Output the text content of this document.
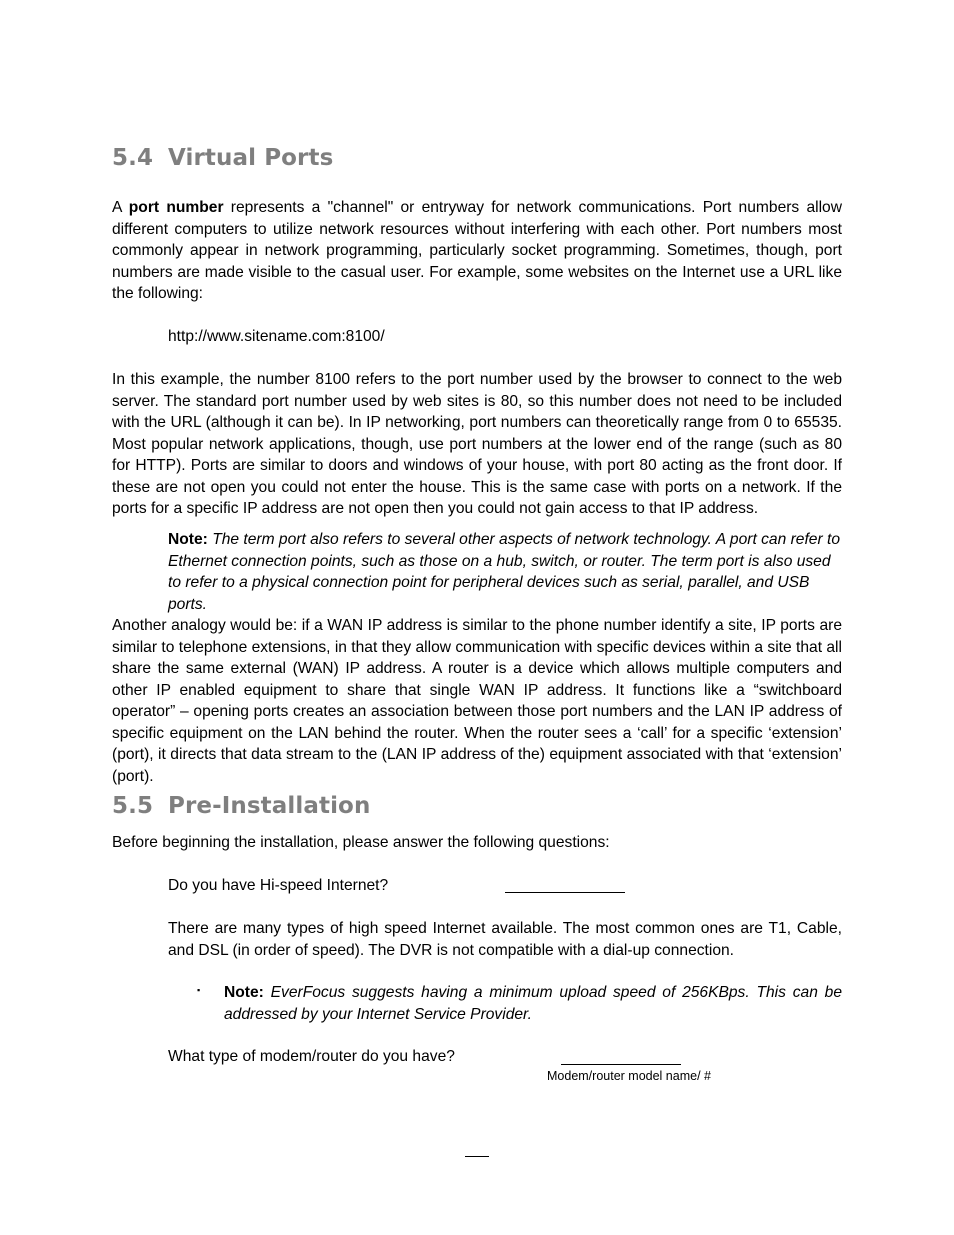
5.4 Virtual Ports

A port number represents a "channel" or entryway for network communications. Port numbers allow different computers to utilize network resources without interfering with each other. Port numbers most commonly appear in network programming, particularly socket programming. Sometimes, though, port numbers are made visible to the casual user. For example, some websites on the Internet use a URL like the following:

http://www.sitename.com:8100/

In this example, the number 8100 refers to the port number used by the browser to connect to the web server. The standard port number used by web sites is 80, so this number does not need to be included with the URL (although it can be). In IP networking, port numbers can theoretically range from 0 to 65535. Most popular network applications, though, use port numbers at the lower end of the range (such as 80 for HTTP). Ports are similar to doors and windows of your house, with port 80 acting as the front door. If these are not open you could not enter the house. This is the same case with ports on a network. If the ports for a specific IP address are not open then you could not gain access to that IP address.

Note: The term port also refers to several other aspects of network technology. A port can refer to Ethernet connection points, such as those on a hub, switch, or router. The term port is also used to refer to a physical connection point for peripheral devices such as serial, parallel, and USB ports.

Another analogy would be: if a WAN IP address is similar to the phone number identify a site, IP ports are similar to telephone extensions, in that they allow communication with specific devices within a site that all share the same external (WAN) IP address. A router is a device which allows multiple computers and other IP enabled equipment to share that single WAN IP address. It functions like a “switchboard operator” – opening ports creates an association between those port numbers and the LAN IP address of specific equipment on the LAN behind the router. When the router sees a ‘call’ for a specific ‘extension’ (port), it directs that data stream to the (LAN IP address of the) equipment associated with that ‘extension’ (port).

5.5 Pre-Installation

Before beginning the installation, please answer the following questions:

Do you have Hi-speed Internet?

There are many types of high speed Internet available. The most common ones are T1, Cable, and DSL (in order of speed). The DVR is not compatible with a dial-up connection.

▪ Note: EverFocus suggests having a minimum upload speed of 256KBps. This can be addressed by your Internet Service Provider.

What type of modem/router do you have?

Modem/router model name/ #
